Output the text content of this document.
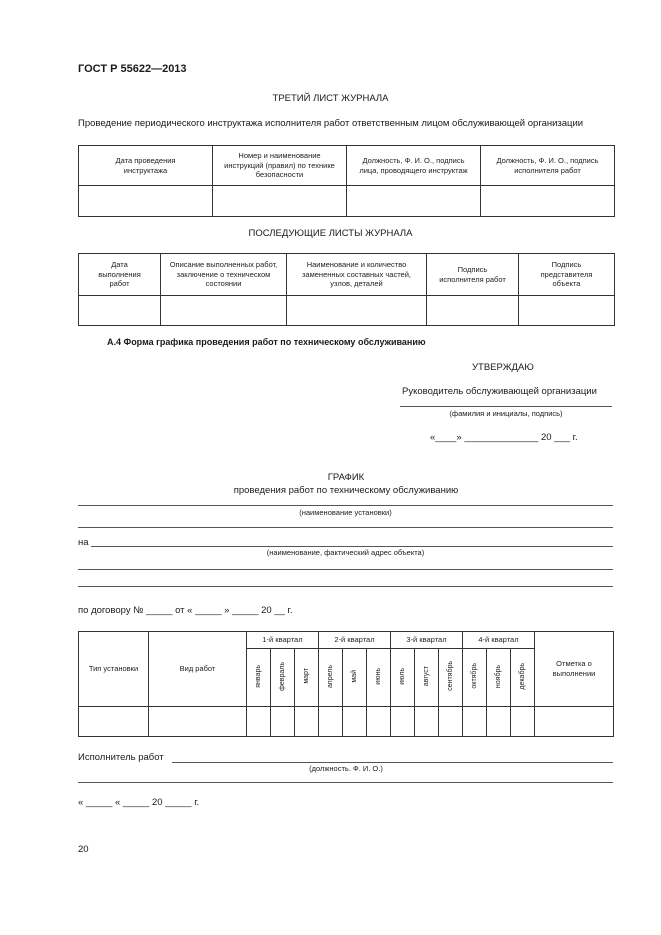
ГОСТ Р 55622—2013
ТРЕТИЙ ЛИСТ ЖУРНАЛА
Проведение периодического инструктажа исполнителя работ ответственным лицом обслуживающей организации
Дата проведения инструктажа	Номер и наименование инструкций (правил) по технике безопасности	Должность, Ф. И. О., подпись лица, проводящего инструктаж	Должность, Ф. И. О., подпись исполнителя работ

ПОСЛЕДУЮЩИЕ ЛИСТЫ ЖУРНАЛА
Дата выполнения работ	Описание выполненных работ, заключение о техническом состоянии	Наименование и количество замененных составных частей, узлов, деталей	Подпись исполнителя работ	Подпись представителя объекта

А.4 Форма графика проведения работ по техническому обслуживанию
УТВЕРЖДАЮ
Руководитель обслуживающей организации
(фамилия и инициалы, подпись)
«____» ______________ 20 ___ г.
ГРАФИК
проведения работ по техническому обслуживанию
(наименование установки)
на
(наименование, фактический адрес объекта)
по договору № _____ от « _____ » _____ 20 __ г.
Тип установки	Вид работ	1-й квартал			2-й квартал			3-й квартал			4-й квартал			Отметка о выполнении

		январь	февраль	март	апрель	май	июнь	июль	август	сентябрь	октябрь	ноябрь	декабрь	

Исполнитель работ
(должность. Ф. И. О.)
« _____ « _____ 20 _____ г.
20
